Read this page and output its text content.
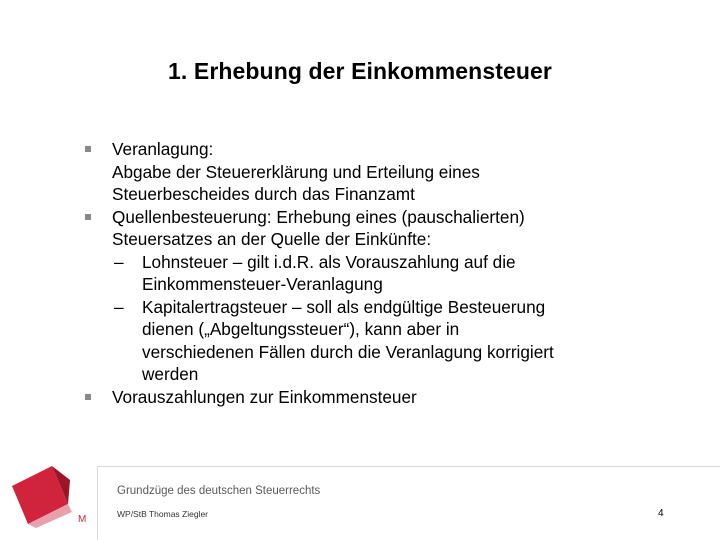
1. Erhebung der Einkommensteuer
Veranlagung:
Abgabe der Steuererklärung und Erteilung eines
Steuerbescheides durch das Finanzamt
Quellenbesteuerung: Erhebung eines (pauschalierten)
Steuersatzes an der Quelle der Einkünfte:
– Lohnsteuer – gilt i.d.R. als Vorauszahlung auf die
Einkommensteuer-Veranlagung
– Kapitalertragsteuer – soll als endgültige Besteuerung
dienen („Abgeltungssteuer“), kann aber in
verschiedenen Fällen durch die Veranlagung korrigiert
werden
Vorauszahlungen zur Einkommensteuer
M
Grundzüge des deutschen Steuerrechts
WP/StB Thomas Ziegler	4
